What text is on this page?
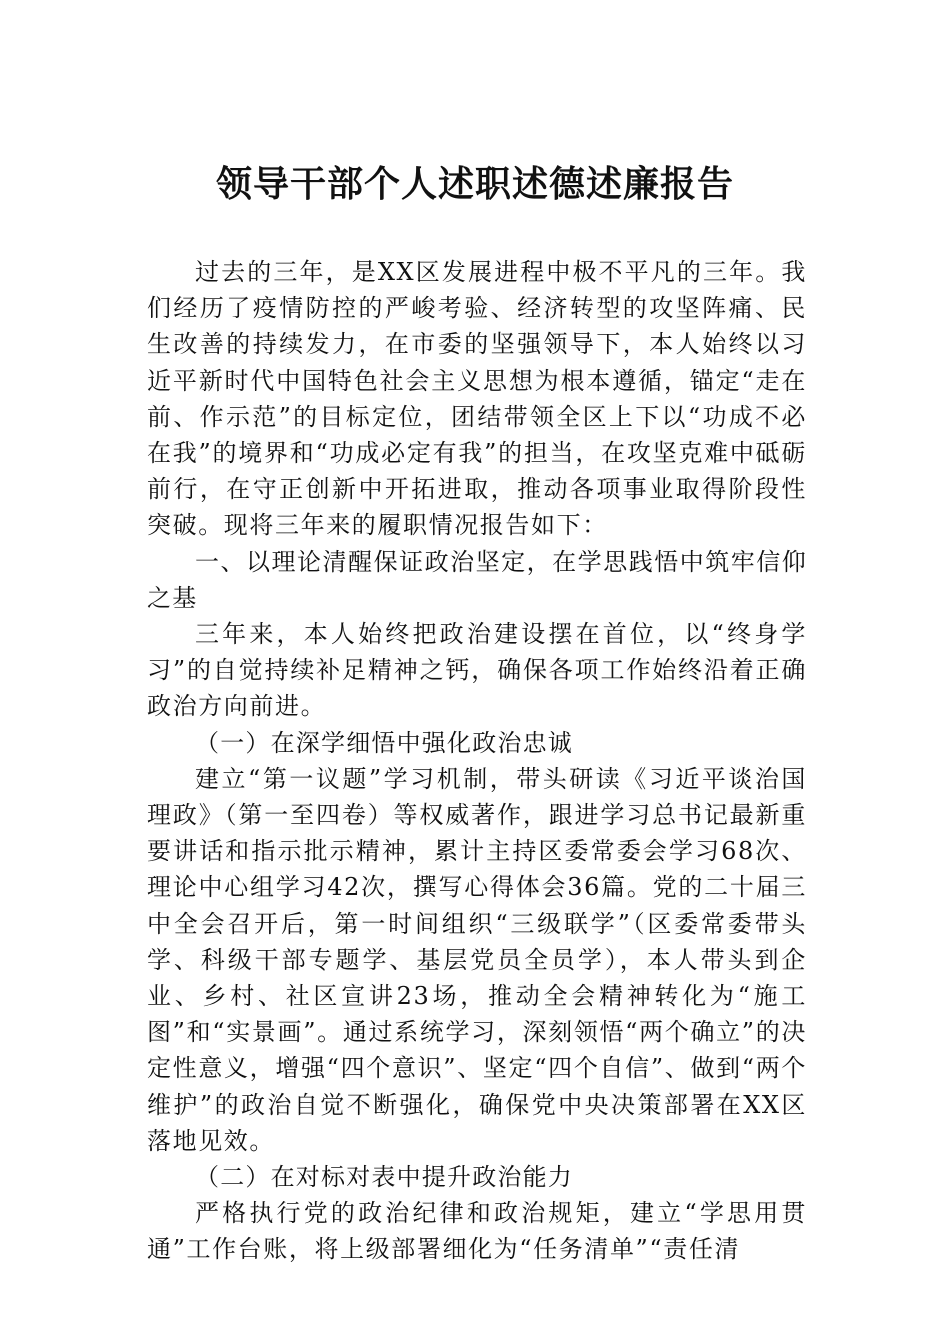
领导干部个人述职述德述廉报告

过去的三年，是XX区发展进程中极不平凡的三年。我们经历了疫情防控的严峻考验、经济转型的攻坚阵痛、民生改善的持续发力，在市委的坚强领导下，本人始终以习近平新时代中国特色社会主义思想为根本遵循，锚定“走在前、作示范”的目标定位，团结带领全区上下以“功成不必在我”的境界和“功成必定有我”的担当，在攻坚克难中砥砺前行，在守正创新中开拓进取，推动各项事业取得阶段性突破。现将三年来的履职情况报告如下：

一、以理论清醒保证政治坚定，在学思践悟中筑牢信仰之基

三年来，本人始终把政治建设摆在首位，以“终身学习”的自觉持续补足精神之钙，确保各项工作始终沿着正确政治方向前进。

（一）在深学细悟中强化政治忠诚

建立“第一议题”学习机制，带头研读《习近平谈治国理政》（第一至四卷）等权威著作，跟进学习总书记最新重要讲话和指示批示精神，累计主持区委常委会学习68次、理论中心组学习42次，撰写心得体会36篇。党的二十届三中全会召开后，第一时间组织“三级联学”（区委常委带头学、科级干部专题学、基层党员全员学），本人带头到企业、乡村、社区宣讲23场，推动全会精神转化为“施工图”和“实景画”。通过系统学习，深刻领悟“两个确立”的决定性意义，增强“四个意识”、坚定“四个自信”、做到“两个维护”的政治自觉不断强化，确保党中央决策部署在XX区落地见效。

（二）在对标对表中提升政治能力

严格执行党的政治纪律和政治规矩，建立“学思用贯通”工作台账，将上级部署细化为“任务清单”“责任清
